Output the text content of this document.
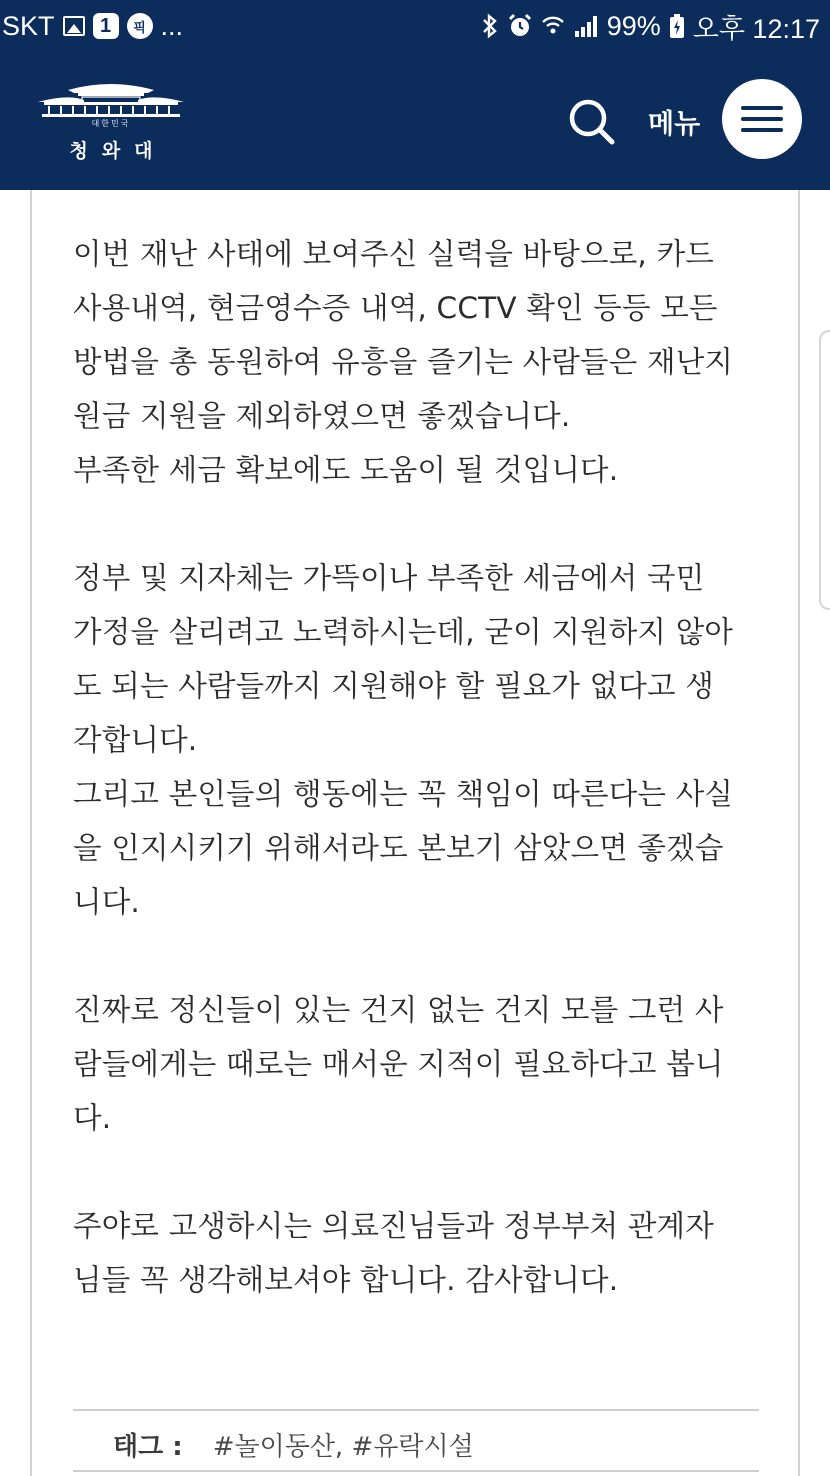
SKT	1	픽 ...	99% 오후 12:17
대한민국
청와대
메뉴

이번 재난 사태에 보여주신 실력을 바탕으로, 카드
사용내역, 현금영수증 내역, CCTV 확인 등등 모든
방법을 총 동원하여 유흥을 즐기는 사람들은 재난지
원금 지원을 제외하였으면 좋겠습니다.
부족한 세금 확보에도 도움이 될 것입니다.

정부 및 지자체는 가뜩이나 부족한 세금에서 국민
가정을 살리려고 노력하시는데, 굳이 지원하지 않아
도 되는 사람들까지 지원해야 할 필요가 없다고 생
각합니다.
그리고 본인들의 행동에는 꼭 책임이 따른다는 사실
을 인지시키기 위해서라도 본보기 삼았으면 좋겠습
니다.

진짜로 정신들이 있는 건지 없는 건지 모를 그런 사
람들에게는 때로는 매서운 지적이 필요하다고 봅니
다.

주야로 고생하시는 의료진님들과 정부부처 관계자
님들 꼭 생각해보셔야 합니다. 감사합니다.

태그 : #놀이동산, #유락시설
